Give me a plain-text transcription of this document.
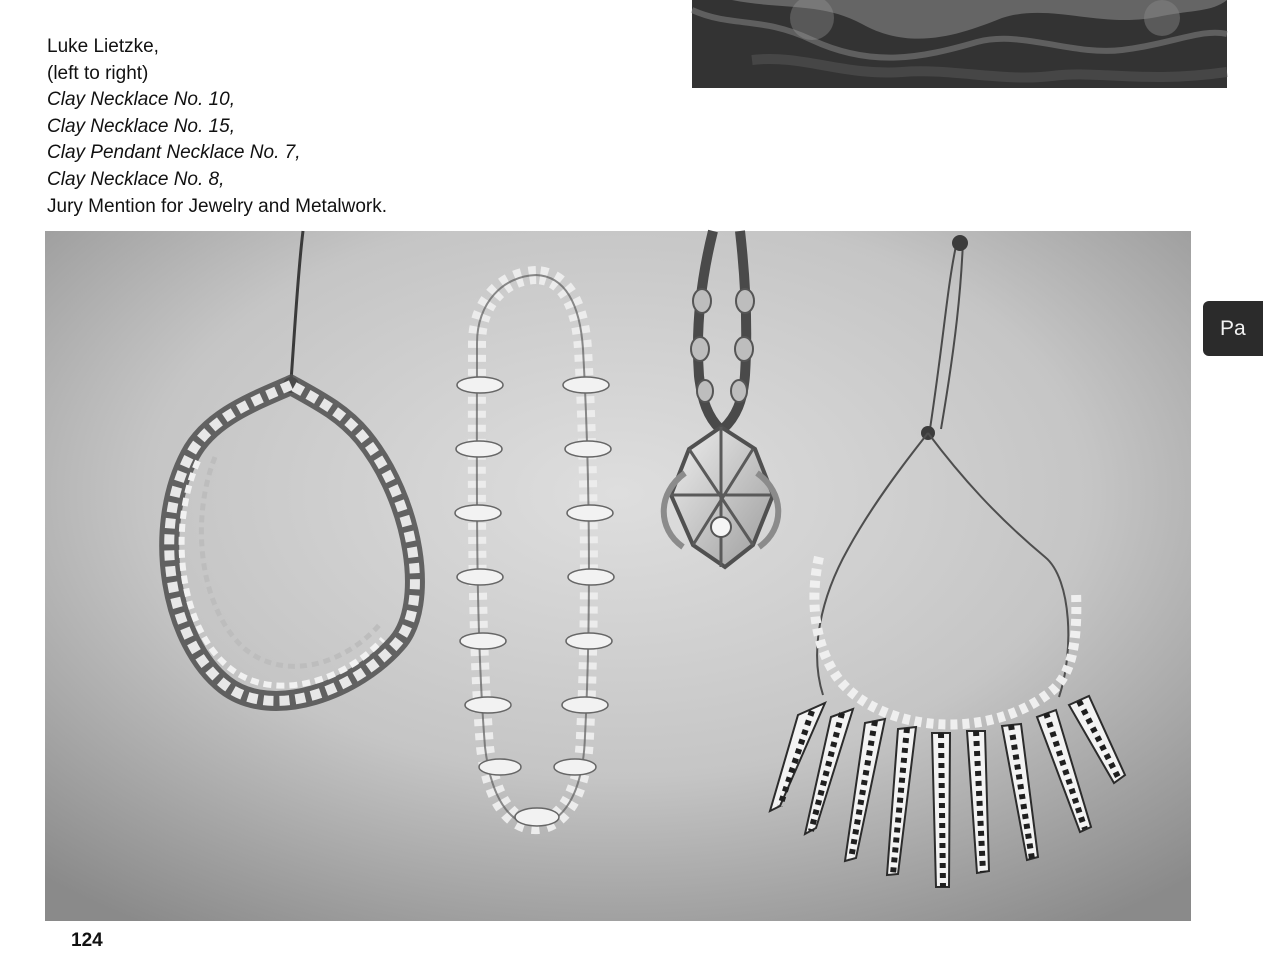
Luke Lietzke,
(left to right)
Clay Necklace No. 10,
Clay Necklace No. 15,
Clay Pendant Necklace No. 7,
Clay Necklace No. 8,
Jury Mention for Jewelry and Metalwork.
124
Pa
